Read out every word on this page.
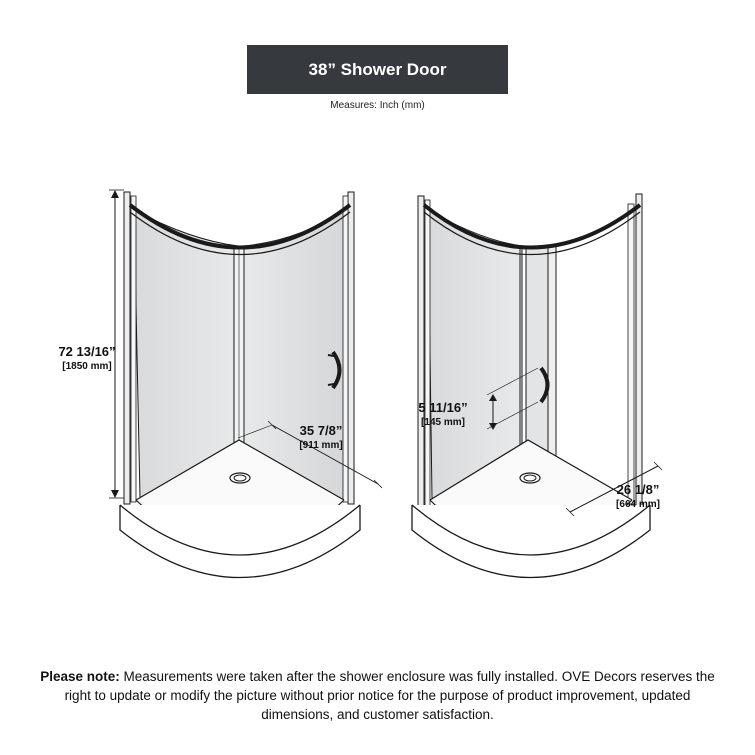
38” Shower Door
Measures: Inch (mm)
72 13/16”
[1850 mm]
35 7/8”
[911 mm]
5 11/16”
[145 mm]
26 1/8”
[664 mm]
Please note: Measurements were taken after the shower enclosure was fully installed. OVE Decors reserves the right to update or modify the picture without prior notice for the purpose of product improvement, updated dimensions, and customer satisfaction.
